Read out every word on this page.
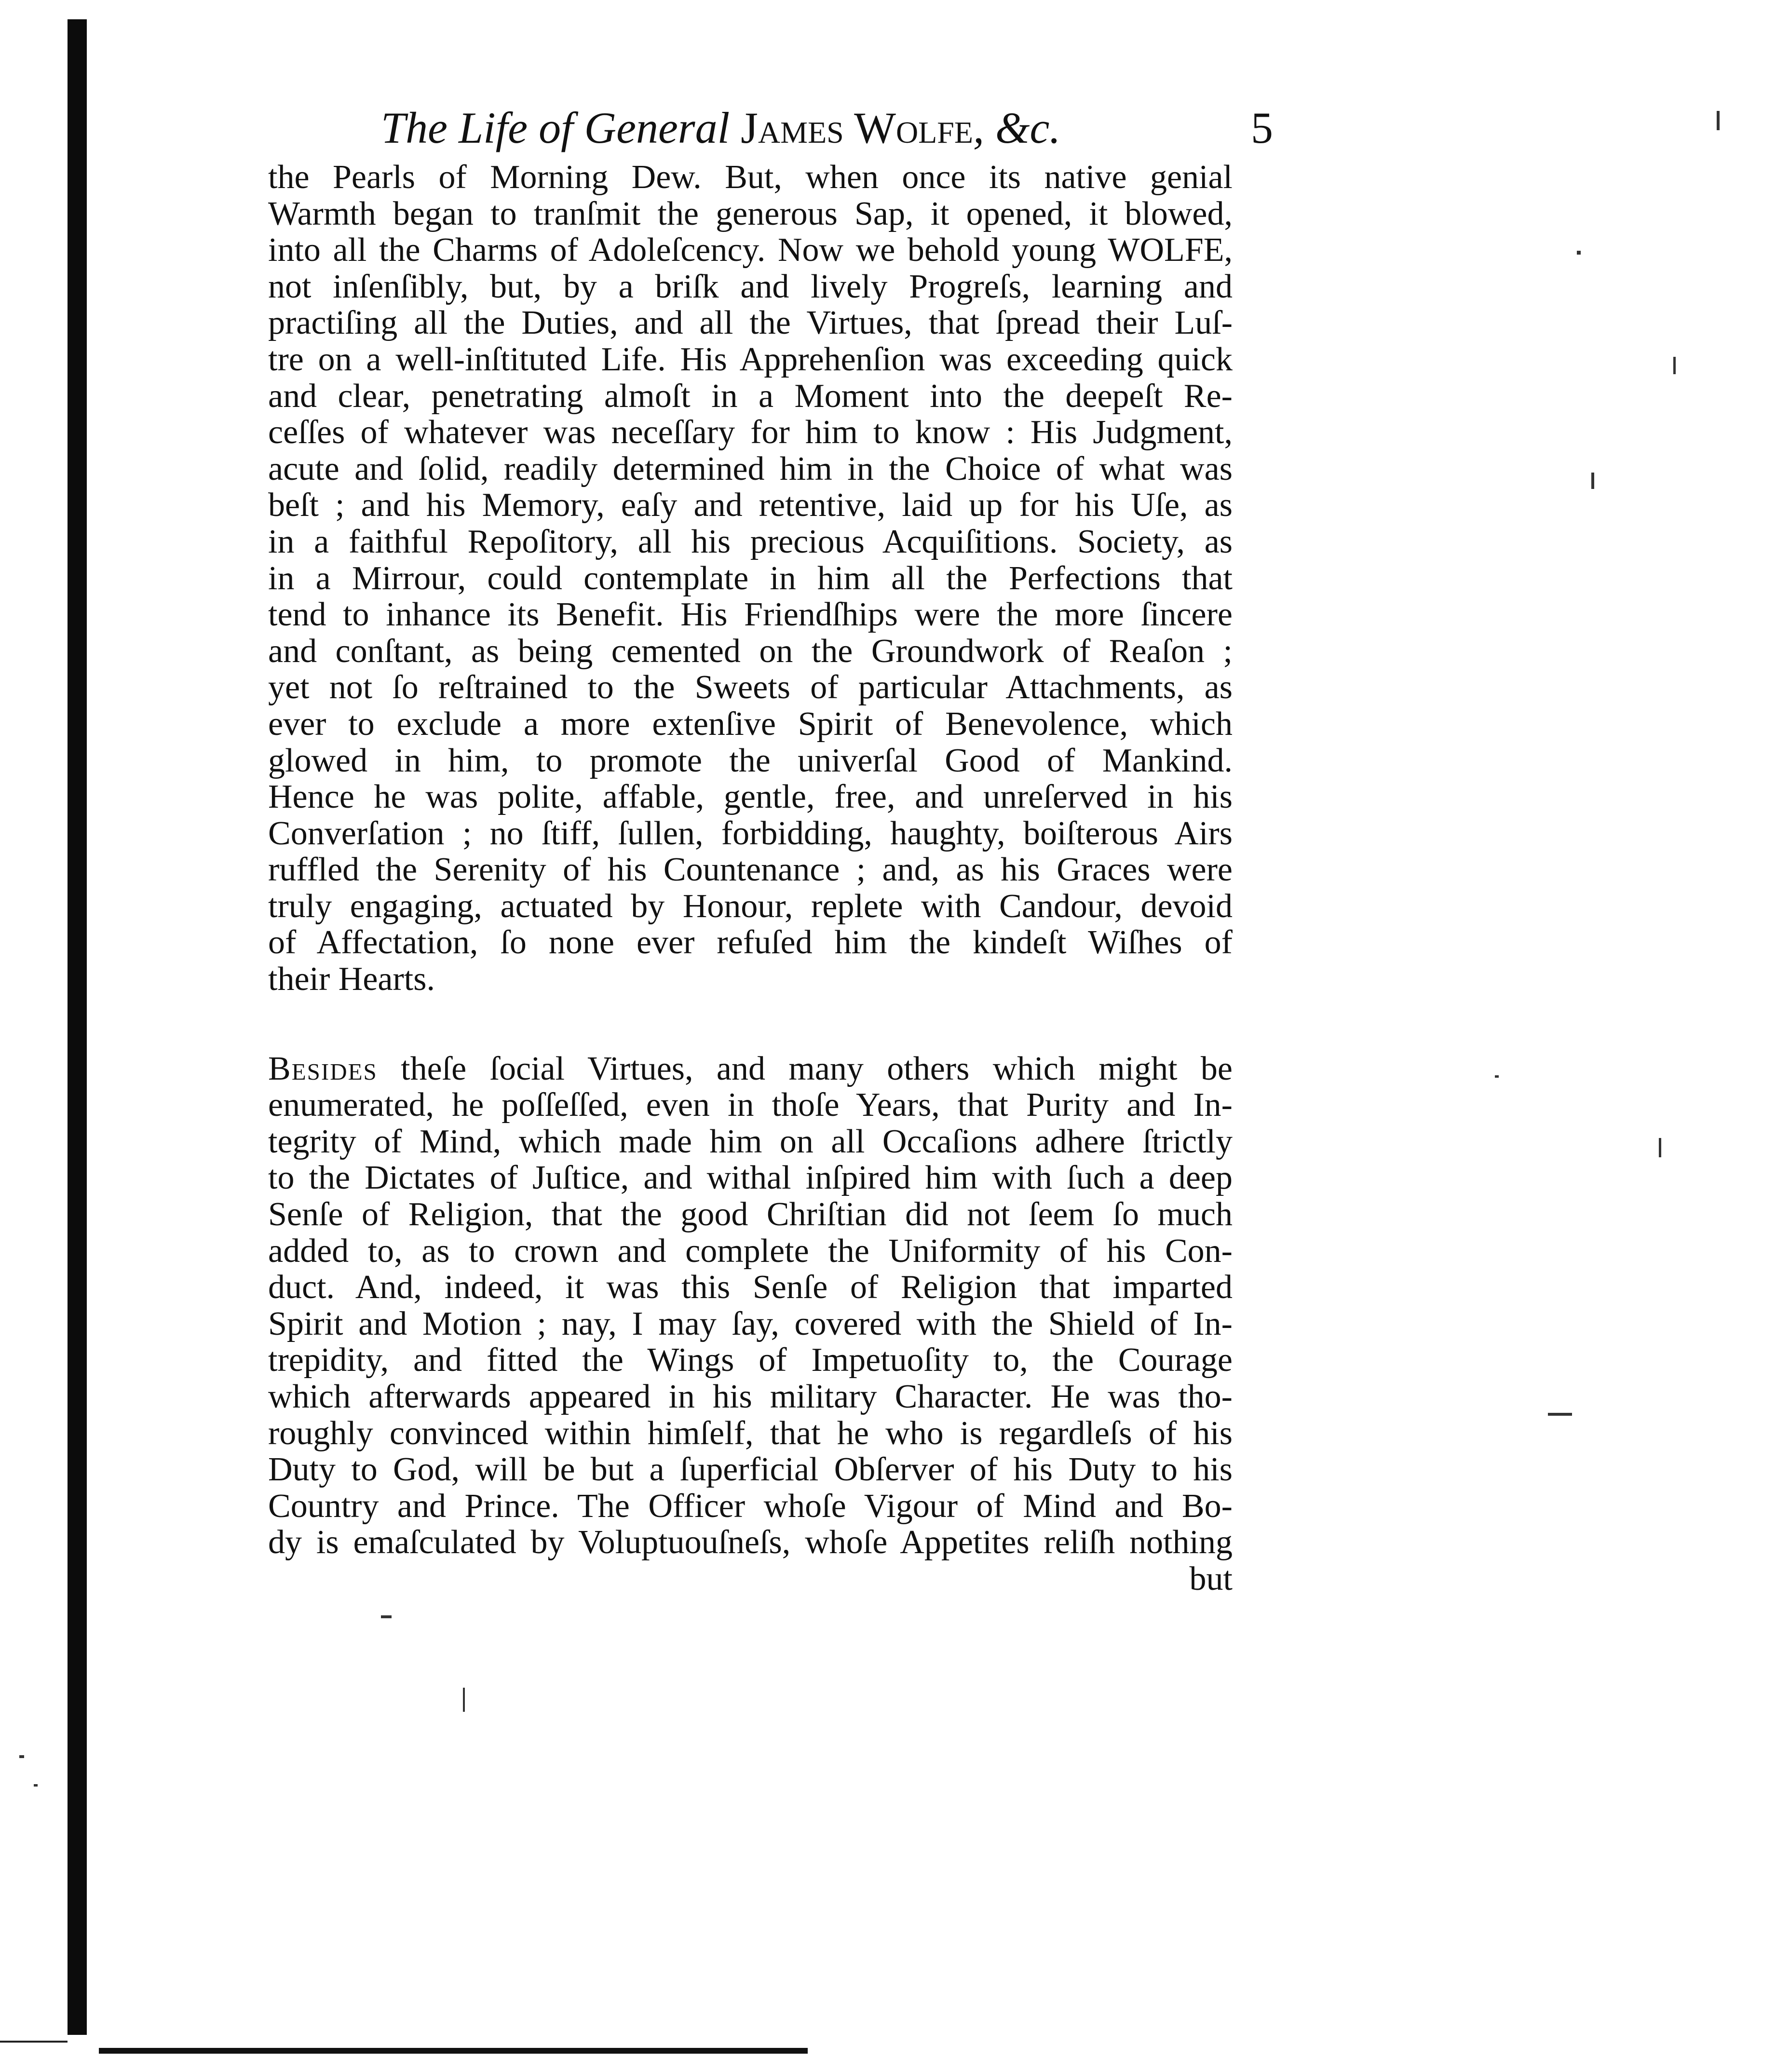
The Life of General James Wolfe, &c.	5
the Pearls of Morning Dew. But, when once its native genial
Warmth began to tranſmit the generous Sap, it opened, it blowed,
into all the Charms of Adoleſcency. Now we behold young WOLFE,
not inſenſibly, but, by a briſk and lively Progreſs, learning and
practiſing all the Duties, and all the Virtues, that ſpread their Luſ-
tre on a well-inſtituted Life. His Apprehenſion was exceeding quick
and clear, penetrating almoſt in a Moment into the deepeſt Re-
ceſſes of whatever was neceſſary for him to know : His Judgment,
acute and ſolid, readily determined him in the Choice of what was
beſt ; and his Memory, eaſy and retentive, laid up for his Uſe, as
in a faithful Repoſitory, all his precious Acquiſitions. Society, as
in a Mirrour, could contemplate in him all the Perfections that
tend to inhance its Benefit. His Friendſhips were the more ſincere
and conſtant, as being cemented on the Groundwork of Reaſon ;
yet not ſo reſtrained to the Sweets of particular Attachments, as
ever to exclude a more extenſive Spirit of Benevolence, which
glowed in him, to promote the univerſal Good of Mankind.
Hence he was polite, affable, gentle, free, and unreſerved in his
Converſation ; no ſtiff, ſullen, forbidding, haughty, boiſterous Airs
ruffled the Serenity of his Countenance ; and, as his Graces were
truly engaging, actuated by Honour, replete with Candour, devoid
of Affectation, ſo none ever refuſed him the kindeſt Wiſhes of
their Hearts.
Besides theſe ſocial Virtues, and many others which might be
enumerated, he poſſeſſed, even in thoſe Years, that Purity and In-
tegrity of Mind, which made him on all Occaſions adhere ſtrictly
to the Dictates of Juſtice, and withal inſpired him with ſuch a deep
Senſe of Religion, that the good Chriſtian did not ſeem ſo much
added to, as to crown and complete the Uniformity of his Con-
duct. And, indeed, it was this Senſe of Religion that imparted
Spirit and Motion ; nay, I may ſay, covered with the Shield of In-
trepidity, and fitted the Wings of Impetuoſity to, the Courage
which afterwards appeared in his military Character. He was tho-
roughly convinced within himſelf, that he who is regardleſs of his
Duty to God, will be but a ſuperficial Obſerver of his Duty to his
Country and Prince. The Officer whoſe Vigour of Mind and Bo-
dy is emaſculated by Voluptuouſneſs, whoſe Appetites reliſh nothing
but
